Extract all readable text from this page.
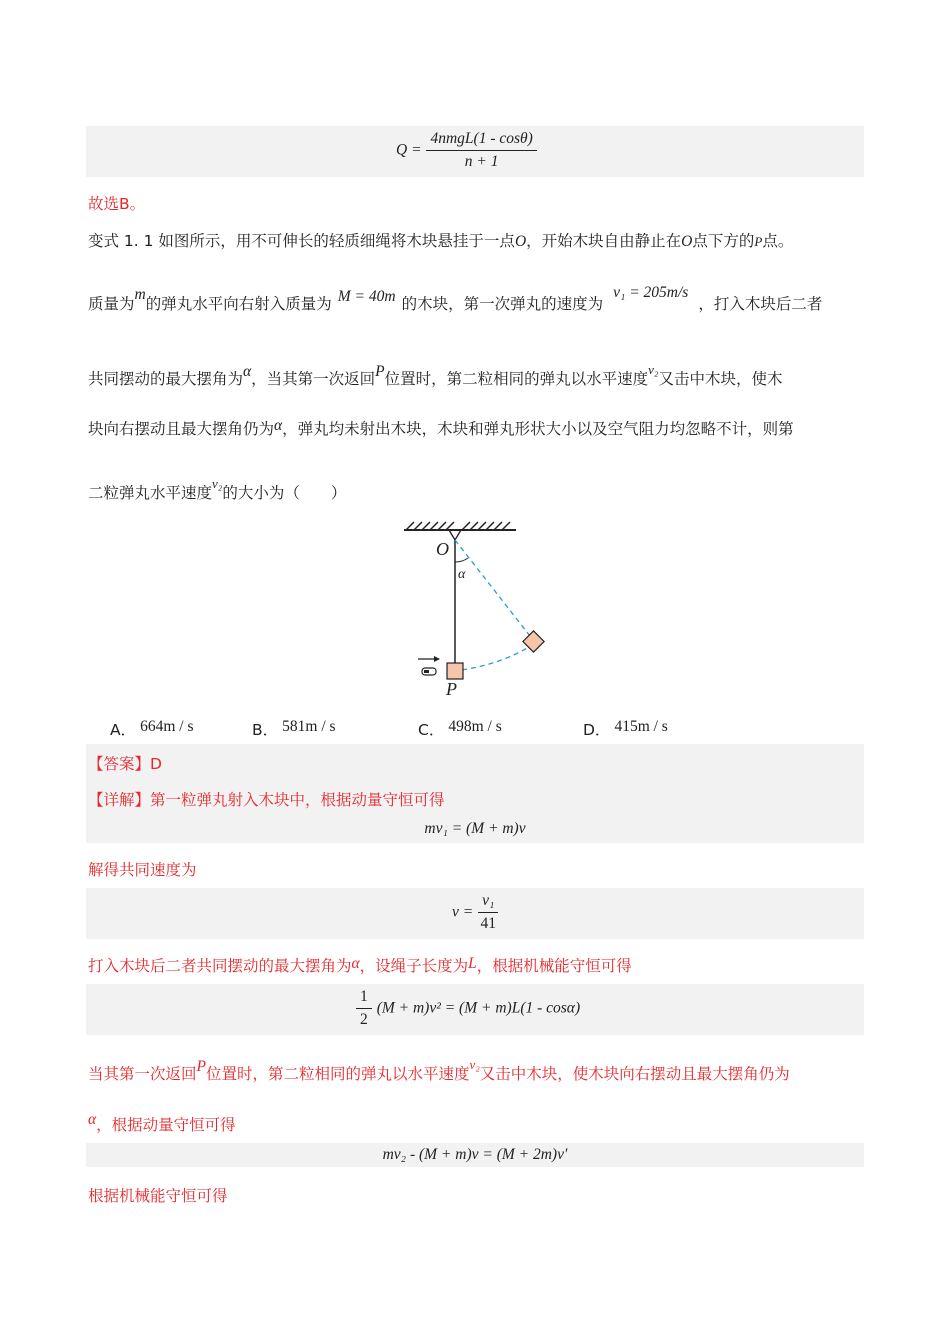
$Q = \frac{\text{4nmgL(1 - cosθ)}}{n + 1}$
故选B。
变式 1. 1 如图所示，用不可伸长的轻质细绳将木块悬挂于一点O，开始木块自由静止在O点下方的P点。
质量为m的弹丸水平向右射入质量为 M = 40m 的木块，第一次弹丸的速度为v₁ = 205m/s，打入木块后二者
共同摆动的最大摆角为α，当其第一次返回P位置时，第二粒相同的弹丸以水平速度$^{v_2}$又击中木块，使木
块向右摆动且最大摆角仍为α，弹丸均未射出木块，木块和弹丸形状大小以及空气阻力均忽略不计，则第
二粒弹丸水平速度$^{v_2}$的大小为（　　）
O
α
P
A． 664m / s	B． 581m / s	C． 498m / s	D． 415m / s
【答案】D
【详解】第一粒弹丸射入木块中，根据动量守恒可得
mv₁ = (M + m)v
解得共同速度为
$v = \frac{\text{v₁}}{41}$
打入木块后二者共同摆动的最大摆角为α，设绳子长度为L，根据机械能守恒可得
$\frac{1}{2} (M + m)v^2 = (M + m)L(1 - \cos\alpha)$
当其第一次返回P位置时，第二粒相同的弹丸以水平速度$^{v_2}$又击中木块，使木块向右摆动且最大摆角仍为
α，根据动量守恒可得
mv₂ - (M + m)v = (M + 2m)v′
根据机械能守恒可得
